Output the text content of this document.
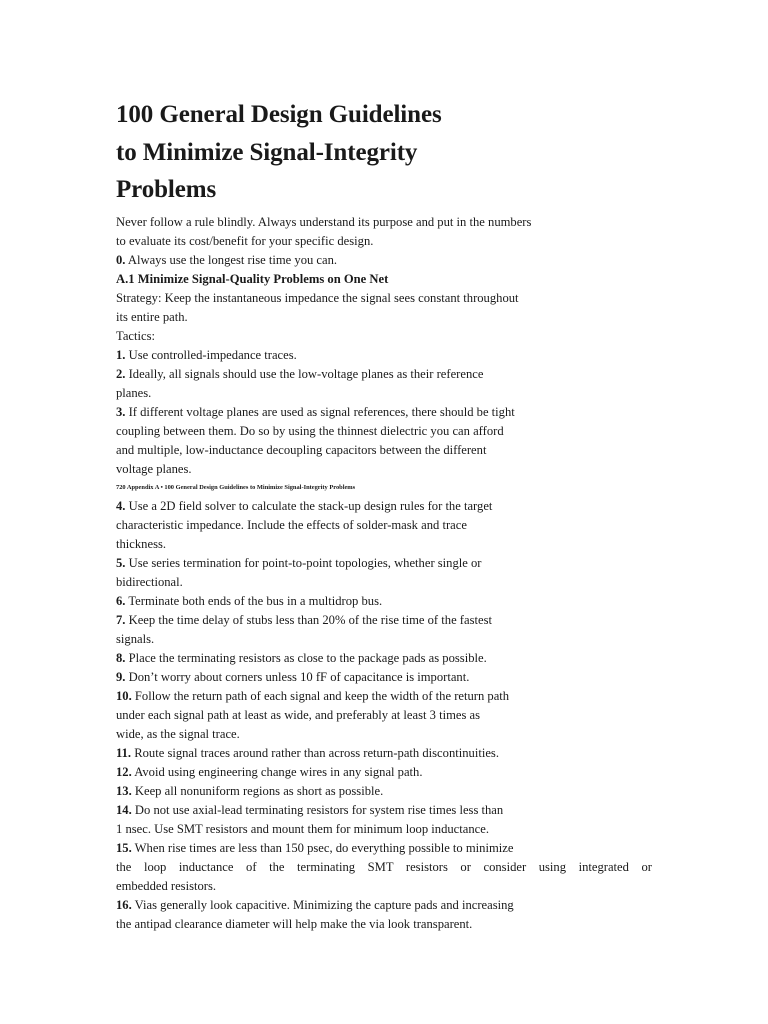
100 General Design Guidelines
to Minimize Signal-Integrity
Problems
Never follow a rule blindly. Always understand its purpose and put in the numbers
to evaluate its cost/benefit for your specific design.
0. Always use the longest rise time you can.
A.1 Minimize Signal-Quality Problems on One Net
Strategy: Keep the instantaneous impedance the signal sees constant throughout
its entire path.
Tactics:
1. Use controlled-impedance traces.
2. Ideally, all signals should use the low-voltage planes as their reference
planes.
3. If different voltage planes are used as signal references, there should be tight
coupling between them. Do so by using the thinnest dielectric you can afford
and multiple, low-inductance decoupling capacitors between the different
voltage planes.
720 Appendix A • 100 General Design Guidelines to Minimize Signal-Integrity Problems
4. Use a 2D field solver to calculate the stack-up design rules for the target
characteristic impedance. Include the effects of solder-mask and trace
thickness.
5. Use series termination for point-to-point topologies, whether single or
bidirectional.
6. Terminate both ends of the bus in a multidrop bus.
7. Keep the time delay of stubs less than 20% of the rise time of the fastest
signals.
8. Place the terminating resistors as close to the package pads as possible.
9. Don’t worry about corners unless 10 fF of capacitance is important.
10. Follow the return path of each signal and keep the width of the return path
under each signal path at least as wide, and preferably at least 3 times as
wide, as the signal trace.
11. Route signal traces around rather than across return-path discontinuities.
12. Avoid using engineering change wires in any signal path.
13. Keep all nonuniform regions as short as possible.
14. Do not use axial-lead terminating resistors for system rise times less than
1 nsec. Use SMT resistors and mount them for minimum loop inductance.
15. When rise times are less than 150 psec, do everything possible to minimize
the loop inductance of the terminating SMT resistors or consider using integrated or
embedded resistors.
16. Vias generally look capacitive. Minimizing the capture pads and increasing
the antipad clearance diameter will help make the via look transparent.
